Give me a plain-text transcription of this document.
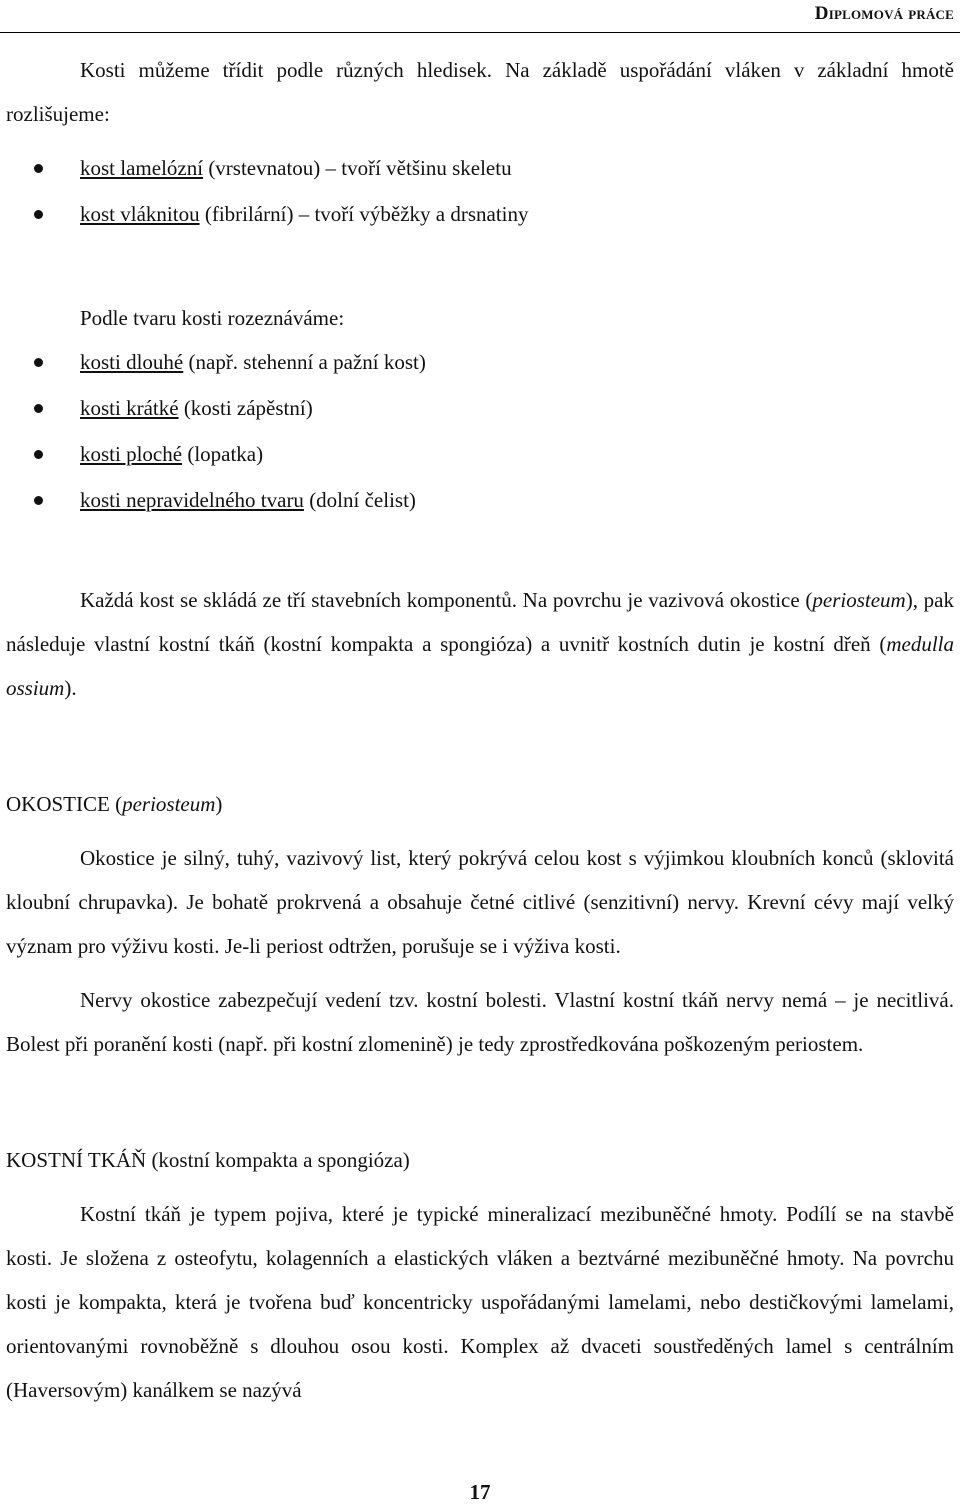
Diplomová práce

Kosti můžeme třídit podle různých hledisek. Na základě uspořádání vláken v základní hmotě rozlišujeme:

kost lamelózní (vrstevnatou) – tvoří většinu skeletu
kost vláknitou (fibrilární) – tvoří výběžky a drsnatiny

Podle tvaru kosti rozeznáváme:

kosti dlouhé (např. stehenní a pažní kost)
kosti krátké (kosti zápěstní)
kosti ploché (lopatka)
kosti nepravidelného tvaru (dolní čelist)

Každá kost se skládá ze tří stavebních komponentů. Na povrchu je vazivová okostice (periosteum), pak následuje vlastní kostní tkáň (kostní kompakta a spongióza) a uvnitř kostních dutin je kostní dřeň (medulla ossium).

OKOSTICE (periosteum)

Okostice je silný, tuhý, vazivový list, který pokrývá celou kost s výjimkou kloubních konců (sklovitá kloubní chrupavka). Je bohatě prokrvená a obsahuje četné citlivé (senzitivní) nervy. Krevní cévy mají velký význam pro výživu kosti. Je-li periost odtržen, porušuje se i výživa kosti.

Nervy okostice zabezpečují vedení tzv. kostní bolesti. Vlastní kostní tkáň nervy nemá – je necitlivá. Bolest při poranění kosti (např. při kostní zlomenině) je tedy zprostředkována poškozeným periostem.

KOSTNÍ TKÁŇ (kostní kompakta a spongióza)

Kostní tkáň je typem pojiva, které je typické mineralizací mezibuněčné hmoty. Podílí se na stavbě kosti. Je složena z osteofytu, kolagenních a elastických vláken a beztvárné mezibuněčné hmoty. Na povrchu kosti je kompakta, která je tvořena buď koncentricky uspořádanými lamelami, nebo destičkovými lamelami, orientovanými rovnoběžně s dlouhou osou kosti. Komplex až dvaceti soustředěných lamel s centrálním (Haversovým) kanálkem se nazývá

17
